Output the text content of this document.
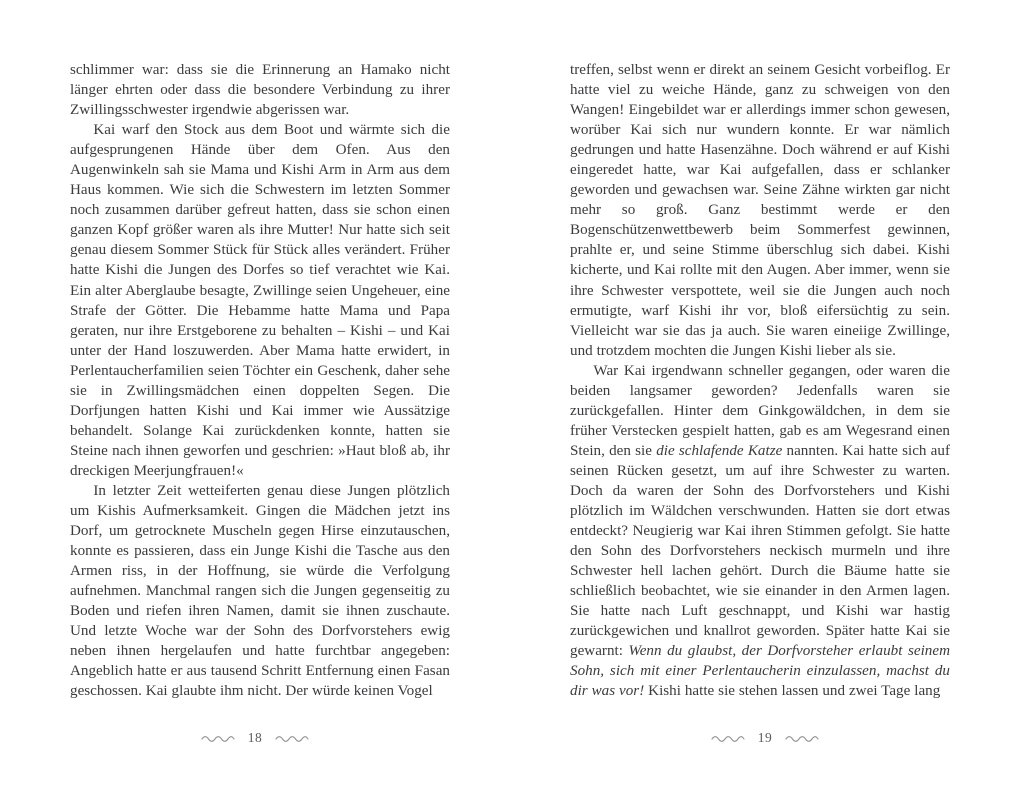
schlimmer war: dass sie die Erinnerung an Hamako nicht länger ehrten oder dass die besondere Verbindung zu ihrer Zwillingsschwester irgendwie abgerissen war.

Kai warf den Stock aus dem Boot und wärmte sich die aufgesprungenen Hände über dem Ofen. Aus den Augenwinkeln sah sie Mama und Kishi Arm in Arm aus dem Haus kommen. Wie sich die Schwestern im letzten Sommer noch zusammen darüber gefreut hatten, dass sie schon einen ganzen Kopf größer waren als ihre Mutter! Nur hatte sich seit genau diesem Sommer Stück für Stück alles verändert. Früher hatte Kishi die Jungen des Dorfes so tief verachtet wie Kai. Ein alter Aberglaube besagte, Zwillinge seien Ungeheuer, eine Strafe der Götter. Die Hebamme hatte Mama und Papa geraten, nur ihre Erstgeborene zu behalten – Kishi – und Kai unter der Hand loszuwerden. Aber Mama hatte erwidert, in Perlentaucherfamilien seien Töchter ein Geschenk, daher sehe sie in Zwillingsmädchen einen doppelten Segen. Die Dorfjungen hatten Kishi und Kai immer wie Aussätzige behandelt. Solange Kai zurückdenken konnte, hatten sie Steine nach ihnen geworfen und geschrien: »Haut bloß ab, ihr dreckigen Meerjungfrauen!«

In letzter Zeit wetteiferten genau diese Jungen plötzlich um Kishis Aufmerksamkeit. Gingen die Mädchen jetzt ins Dorf, um getrocknete Muscheln gegen Hirse einzutauschen, konnte es passieren, dass ein Junge Kishi die Tasche aus den Armen riss, in der Hoffnung, sie würde die Verfolgung aufnehmen. Manchmal rangen sich die Jungen gegenseitig zu Boden und riefen ihren Namen, damit sie ihnen zuschaute. Und letzte Woche war der Sohn des Dorfvorstehers ewig neben ihnen hergelaufen und hatte furchtbar angegeben: Angeblich hatte er aus tausend Schritt Entfernung einen Fasan geschossen. Kai glaubte ihm nicht. Der würde keinen Vogel

18

treffen, selbst wenn er direkt an seinem Gesicht vorbeiflog. Er hatte viel zu weiche Hände, ganz zu schweigen von den Wangen! Eingebildet war er allerdings immer schon gewesen, worüber Kai sich nur wundern konnte. Er war nämlich gedrungen und hatte Hasenzähne. Doch während er auf Kishi eingeredet hatte, war Kai aufgefallen, dass er schlanker geworden und gewachsen war. Seine Zähne wirkten gar nicht mehr so groß. Ganz bestimmt werde er den Bogenschützenwettbewerb beim Sommerfest gewinnen, prahlte er, und seine Stimme überschlug sich dabei. Kishi kicherte, und Kai rollte mit den Augen. Aber immer, wenn sie ihre Schwester verspottete, weil sie die Jungen auch noch ermutigte, warf Kishi ihr vor, bloß eifersüchtig zu sein. Vielleicht war sie das ja auch. Sie waren eineiige Zwillinge, und trotzdem mochten die Jungen Kishi lieber als sie.

War Kai irgendwann schneller gegangen, oder waren die beiden langsamer geworden? Jedenfalls waren sie zurückgefallen. Hinter dem Ginkgowäldchen, in dem sie früher Verstecken gespielt hatten, gab es am Wegesrand einen Stein, den sie die schlafende Katze nannten. Kai hatte sich auf seinen Rücken gesetzt, um auf ihre Schwester zu warten. Doch da waren der Sohn des Dorfvorstehers und Kishi plötzlich im Wäldchen verschwunden. Hatten sie dort etwas entdeckt? Neugierig war Kai ihren Stimmen gefolgt. Sie hatte den Sohn des Dorfvorstehers neckisch murmeln und ihre Schwester hell lachen gehört. Durch die Bäume hatte sie schließlich beobachtet, wie sie einander in den Armen lagen. Sie hatte nach Luft geschnappt, und Kishi war hastig zurückgewichen und knallrot geworden. Später hatte Kai sie gewarnt: Wenn du glaubst, der Dorfvorsteher erlaubt seinem Sohn, sich mit einer Perlentaucherin einzulassen, machst du dir was vor! Kishi hatte sie stehen lassen und zwei Tage lang

19
